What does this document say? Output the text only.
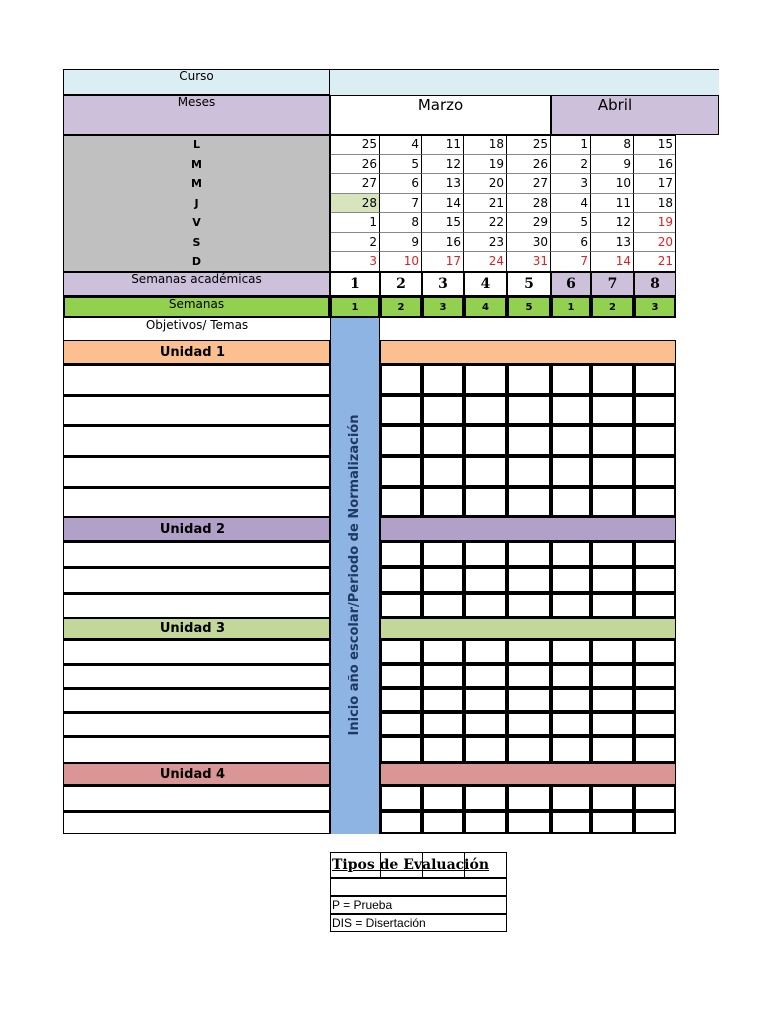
Curso
Meses	Marzo	Abril
L	25	4	11	18	25	1	8	15
M	26	5	12	19	26	2	9	16
M	27	6	13	20	27	3	10	17
J	28	7	14	21	28	4	11	18
V	1	8	15	22	29	5	12	19
S	2	9	16	23	30	6	13	20
D	3	10	17	24	31	7	14	21
Semanas académicas	1	2	3	4	5	6	7	8
Semanas	1	2	3	4	5	1	2	3
Objetivos/ Temas
Inicio año escolar/Periodo de Normalización
Unidad 1
Unidad 2
Unidad 3
Unidad 4
Tipos de Evaluación
P = Prueba
DIS = Disertación
